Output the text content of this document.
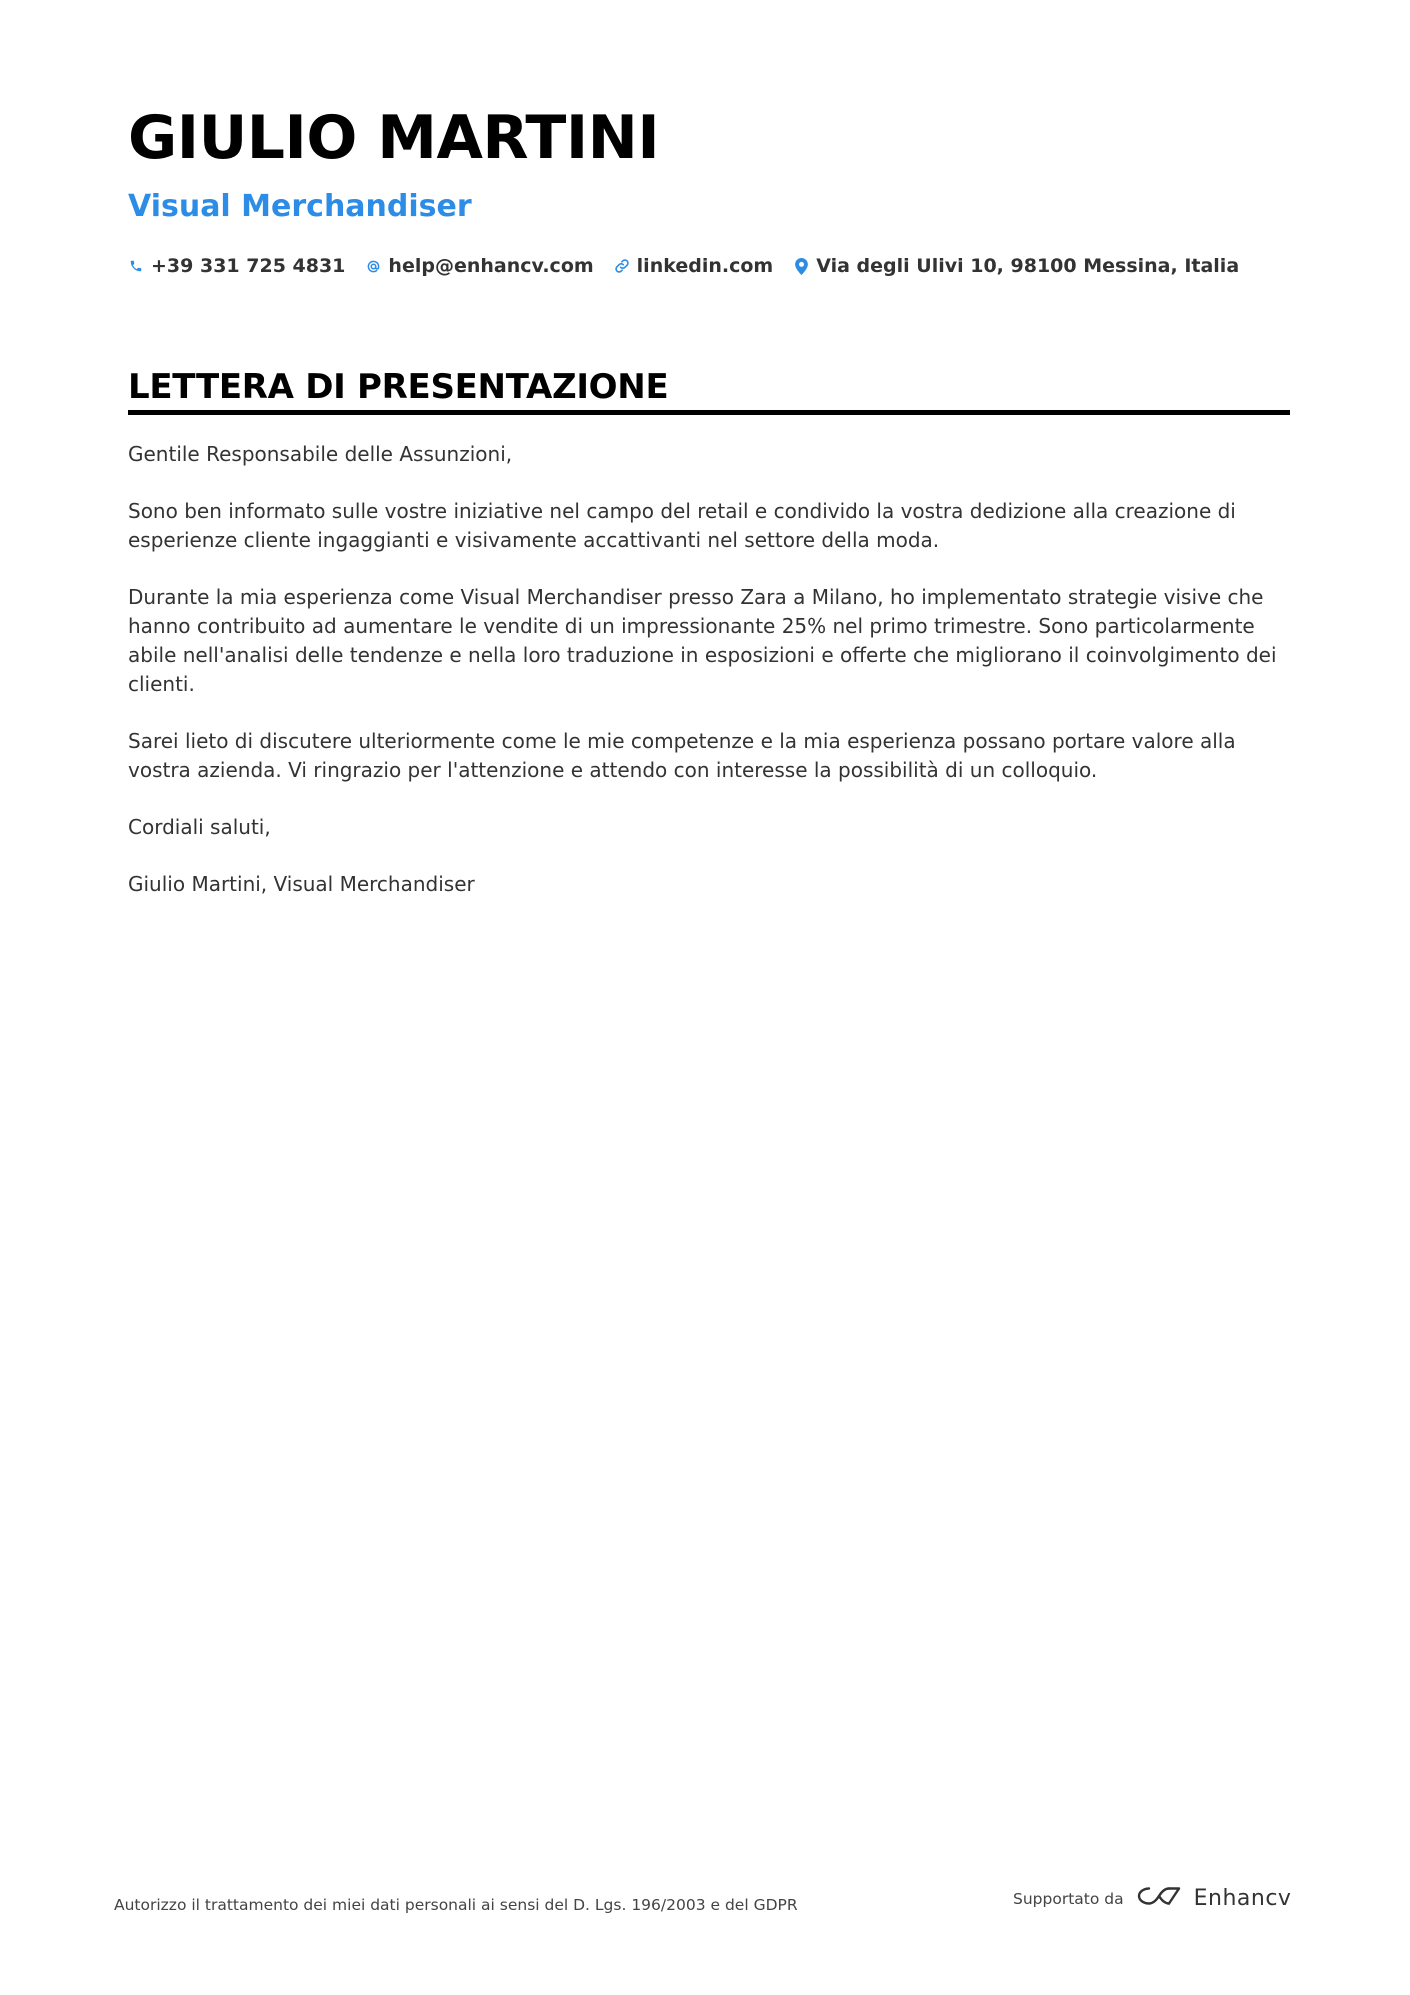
GIULIO MARTINI
Visual Merchandiser
+39 331 725 4831 help@enhancv.com linkedin.com Via degli Ulivi 10, 98100 Messina, Italia
LETTERA DI PRESENTAZIONE

Gentile Responsabile delle Assunzioni,

Sono ben informato sulle vostre iniziative nel campo del retail e condivido la vostra dedizione alla creazione di esperienze cliente ingaggianti e visivamente accattivanti nel settore della moda.

Durante la mia esperienza come Visual Merchandiser presso Zara a Milano, ho implementato strategie visive che hanno contribuito ad aumentare le vendite di un impressionante 25% nel primo trimestre. Sono particolarmente abile nell'analisi delle tendenze e nella loro traduzione in esposizioni e offerte che migliorano il coinvolgimento dei clienti.

Sarei lieto di discutere ulteriormente come le mie competenze e la mia esperienza possano portare valore alla vostra azienda. Vi ringrazio per l'attenzione e attendo con interesse la possibilità di un colloquio.

Cordiali saluti,

Giulio Martini, Visual Merchandiser

Autorizzo il trattamento dei miei dati personali ai sensi del D. Lgs. 196/2003 e del GDPR	Supportato da	Enhancv
